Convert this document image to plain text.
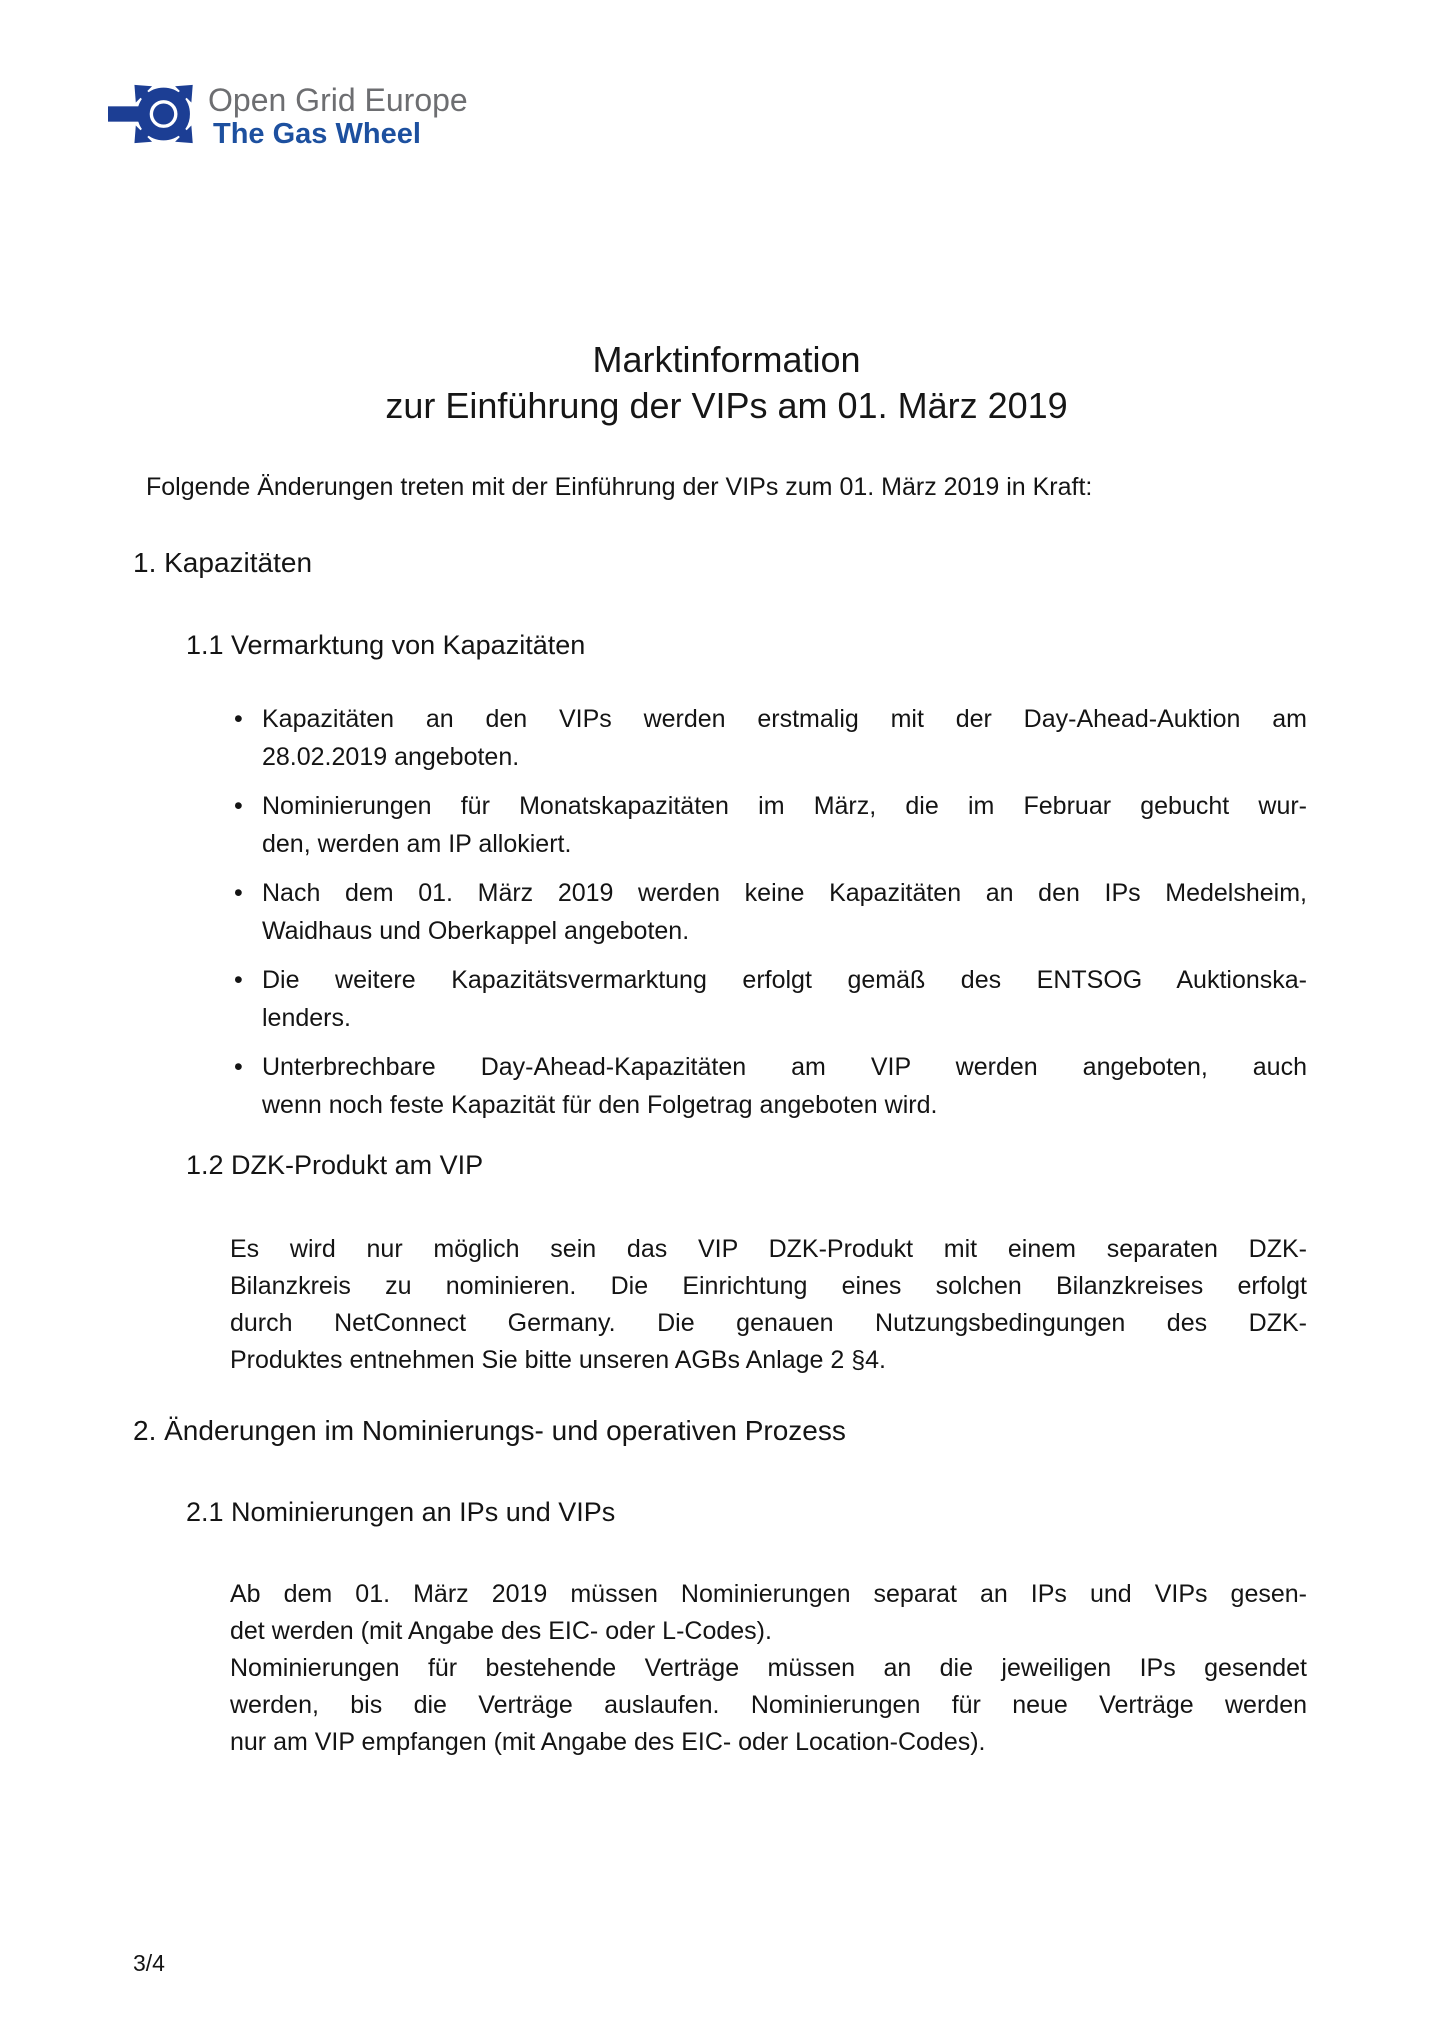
Open Grid Europe
The Gas Wheel
Marktinformation
zur Einführung der VIPs am 01. März 2019
Folgende Änderungen treten mit der Einführung der VIPs zum 01. März 2019 in Kraft:
1. Kapazitäten
1.1 Vermarktung von Kapazitäten
• Kapazitäten an den VIPs werden erstmalig mit der Day-Ahead-Auktion am
28.02.2019 angeboten.
• Nominierungen für Monatskapazitäten im März, die im Februar gebucht wur-
den, werden am IP allokiert.
• Nach dem 01. März 2019 werden keine Kapazitäten an den IPs Medelsheim,
Waidhaus und Oberkappel angeboten.
• Die weitere Kapazitätsvermarktung erfolgt gemäß des ENTSOG Auktionska-
lenders.
• Unterbrechbare Day-Ahead-Kapazitäten am VIP werden angeboten, auch
wenn noch feste Kapazität für den Folgetrag angeboten wird.
1.2 DZK-Produkt am VIP
Es wird nur möglich sein das VIP DZK-Produkt mit einem separaten DZK-
Bilanzkreis zu nominieren. Die Einrichtung eines solchen Bilanzkreises erfolgt
durch NetConnect Germany. Die genauen Nutzungsbedingungen des DZK-
Produktes entnehmen Sie bitte unseren AGBs Anlage 2 §4.
2. Änderungen im Nominierungs- und operativen Prozess
2.1 Nominierungen an IPs und VIPs
Ab dem 01. März 2019 müssen Nominierungen separat an IPs und VIPs gesen-
det werden (mit Angabe des EIC- oder L-Codes).
Nominierungen für bestehende Verträge müssen an die jeweiligen IPs gesendet
werden, bis die Verträge auslaufen. Nominierungen für neue Verträge werden
nur am VIP empfangen (mit Angabe des EIC- oder Location-Codes).
3/4
